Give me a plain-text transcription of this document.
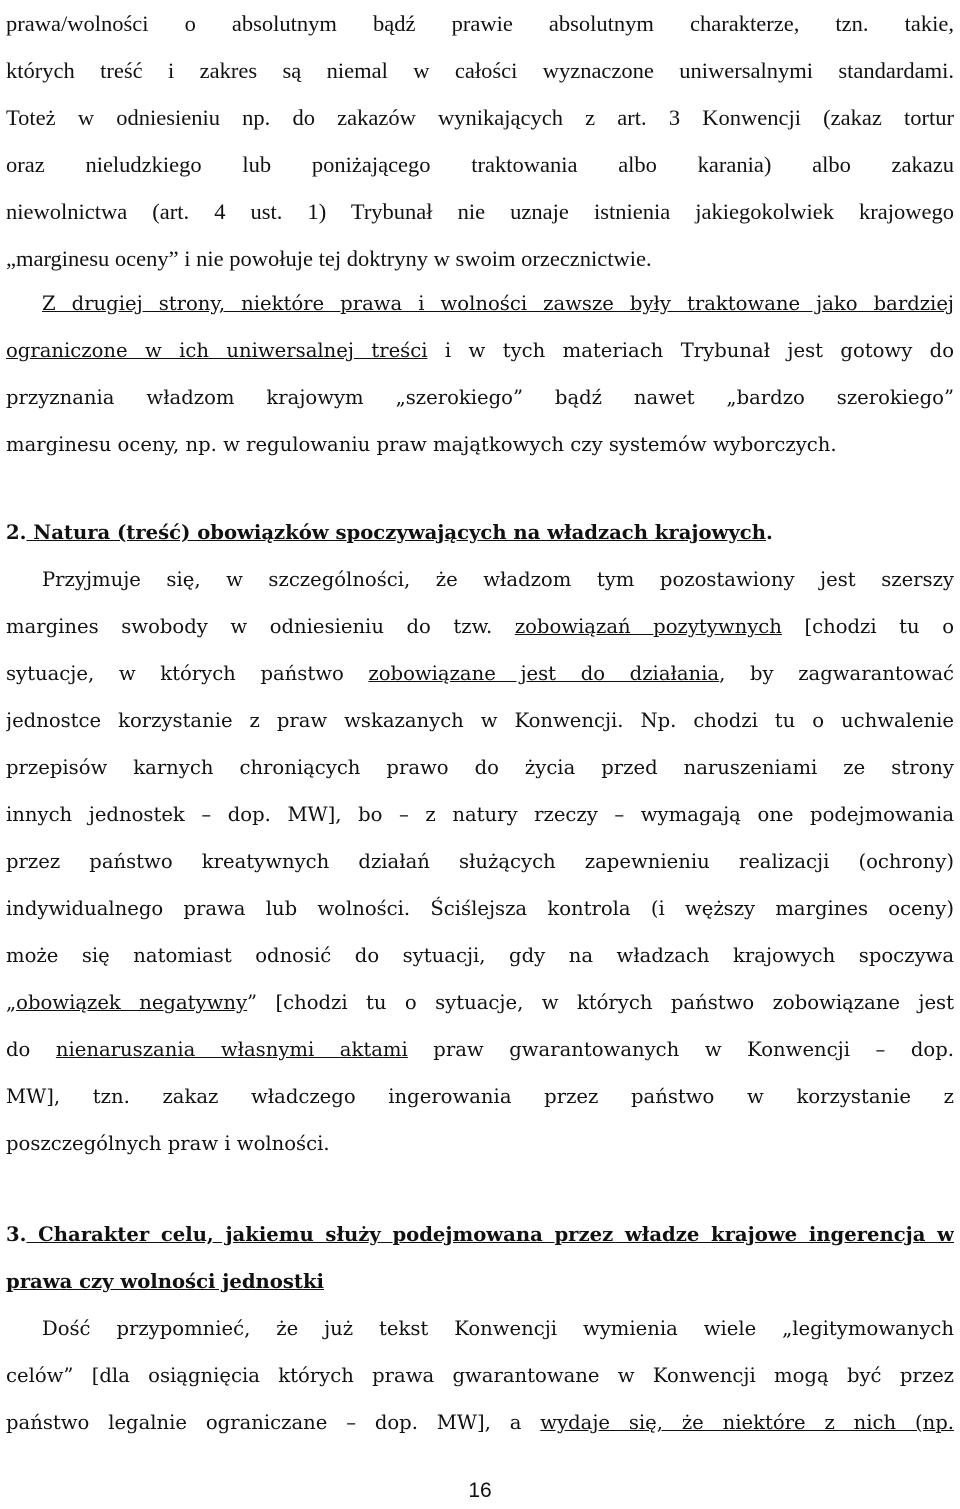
prawa/wolności o absolutnym bądź prawie absolutnym charakterze, tzn. takie,
których treść i zakres są niemal w całości wyznaczone uniwersalnymi standardami.
Toteż w odniesieniu np. do zakazów wynikających z art. 3 Konwencji (zakaz tortur
oraz nieludzkiego lub poniżającego traktowania albo karania) albo zakazu
niewolnictwa (art. 4 ust. 1) Trybunał nie uznaje istnienia jakiegokolwiek krajowego
„marginesu oceny” i nie powołuje tej doktryny w swoim orzecznictwie.
Z drugiej strony, niektóre prawa i wolności zawsze były traktowane jako bardziej
ograniczone w ich uniwersalnej treści i w tych materiach Trybunał jest gotowy do
przyznania władzom krajowym „szerokiego” bądź nawet „bardzo szerokiego”
marginesu oceny, np. w regulowaniu praw majątkowych czy systemów wyborczych.
2. Natura (treść) obowiązków spoczywających na władzach krajowych.
Przyjmuje się, w szczególności, że władzom tym pozostawiony jest szerszy
margines swobody w odniesieniu do tzw. zobowiązań pozytywnych [chodzi tu o
sytuacje, w których państwo zobowiązane jest do działania, by zagwarantować
jednostce korzystanie z praw wskazanych w Konwencji. Np. chodzi tu o uchwalenie
przepisów karnych chroniących prawo do życia przed naruszeniami ze strony
innych jednostek – dop. MW], bo – z natury rzeczy – wymagają one podejmowania
przez państwo kreatywnych działań służących zapewnieniu realizacji (ochrony)
indywidualnego prawa lub wolności. Ściślejsza kontrola (i węższy margines oceny)
może się natomiast odnosić do sytuacji, gdy na władzach krajowych spoczywa
„obowiązek negatywny” [chodzi tu o sytuacje, w których państwo zobowiązane jest
do nienaruszania własnymi aktami praw gwarantowanych w Konwencji – dop.
MW], tzn. zakaz władczego ingerowania przez państwo w korzystanie z
poszczególnych praw i wolności.
3. Charakter celu, jakiemu służy podejmowana przez władze krajowe ingerencja w
prawa czy wolności jednostki
Dość przypomnieć, że już tekst Konwencji wymienia wiele „legitymowanych
celów” [dla osiągnięcia których prawa gwarantowane w Konwencji mogą być przez
państwo legalnie ograniczane – dop. MW], a wydaje się, że niektóre z nich (np.
16
